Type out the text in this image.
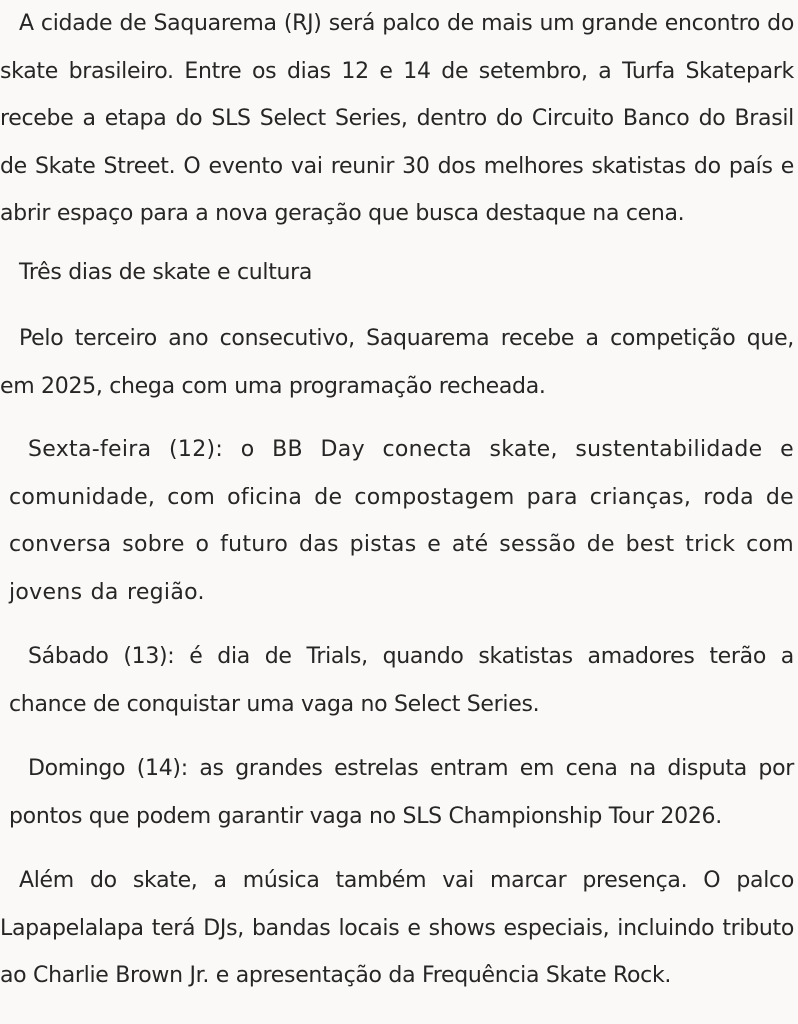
A cidade de Saquarema (RJ) será palco de mais um grande encontro do skate brasileiro. Entre os dias 12 e 14 de setembro, a Turfa Skatepark recebe a etapa do SLS Select Series, dentro do Circuito Banco do Brasil de Skate Street. O evento vai reunir 30 dos melhores skatistas do país e abrir espaço para a nova geração que busca destaque na cena.

Três dias de skate e cultura

Pelo terceiro ano consecutivo, Saquarema recebe a competição que, em 2025, chega com uma programação recheada.

Sexta-feira (12): o BB Day conecta skate, sustentabilidade e comunidade, com oficina de compostagem para crianças, roda de conversa sobre o futuro das pistas e até sessão de best trick com jovens da região.

Sábado (13): é dia de Trials, quando skatistas amadores terão a chance de conquistar uma vaga no Select Series.

Domingo (14): as grandes estrelas entram em cena na disputa por pontos que podem garantir vaga no SLS Championship Tour 2026.

Além do skate, a música também vai marcar presença. O palco Lapapelalapa terá DJs, bandas locais e shows especiais, incluindo tributo ao Charlie Brown Jr. e apresentação da Frequência Skate Rock.
